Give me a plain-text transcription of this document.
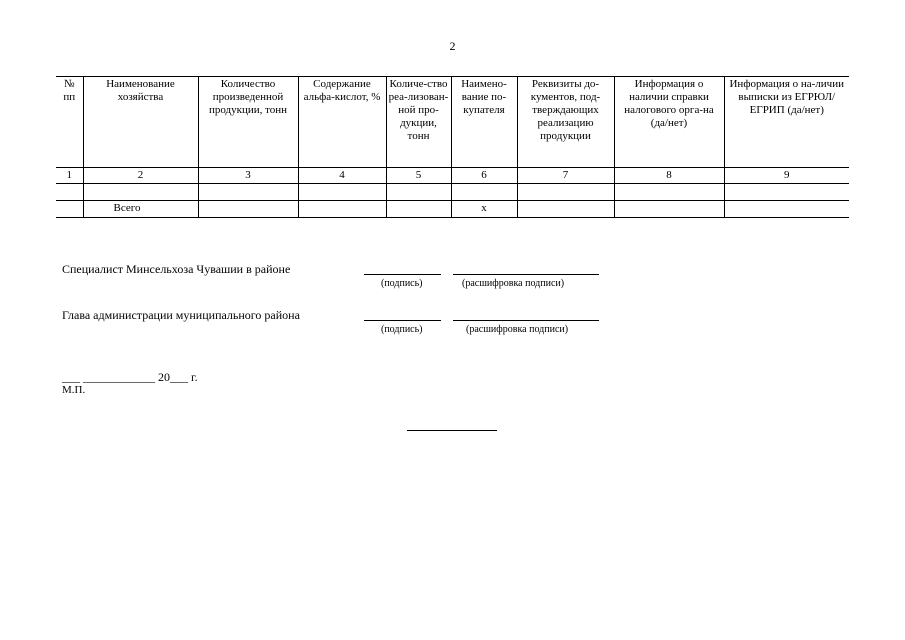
2
№ пп	Наименование хозяйства	Количество произведенной продукции, тонн	Содержание альфа-кислот, %	Количе-ство реа-лизован-ной про-дукции, тонн	Наимено-вание по-купателя	Реквизиты до-кументов, под-тверждающих реализацию продукции	Информация о наличии справки налогового орга-на (да/нет)	Информация о на-личии выписки из ЕГРЮЛ/ЕГРИП (да/нет)
1	2	3	4	5	6	7	8	9

	Всего				х			
Специалист Минсельхоза Чувашии в районе
(подпись)	(расшифровка подписи)
Глава администрации муниципального района
(подпись)	(расшифровка подписи)
___ ____________ 20___ г.
М.П.
